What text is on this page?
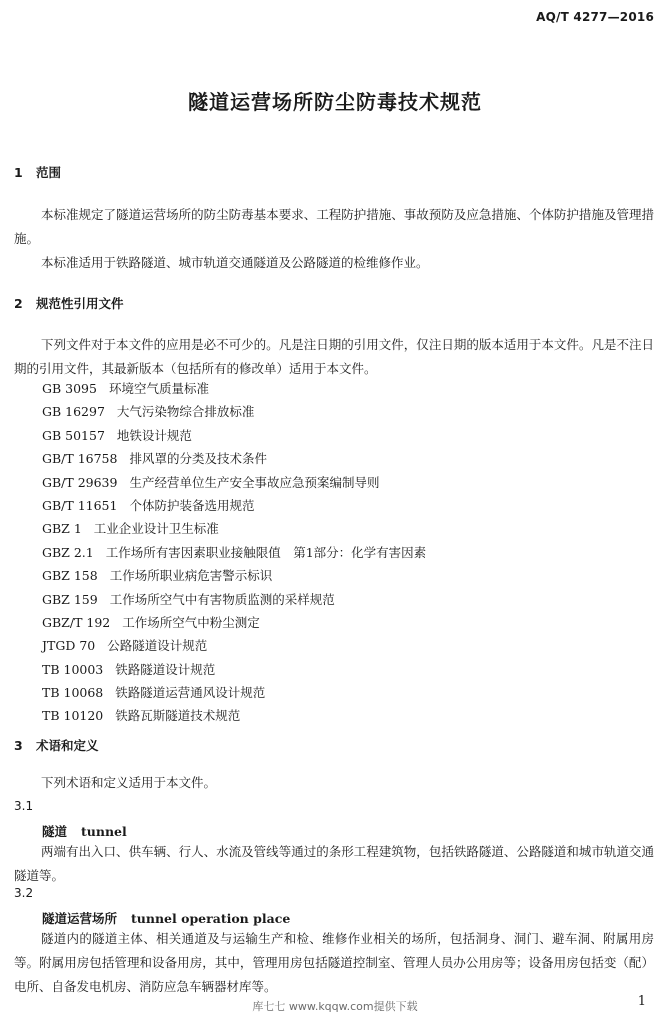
AQ/T 4277—2016
隧道运营场所防尘防毒技术规范
1 范围
本标准规定了隧道运营场所的防尘防毒基本要求、工程防护措施、事故预防及应急措施、个体防护措施及管理措施。
本标准适用于铁路隧道、城市轨道交通隧道及公路隧道的检维修作业。
2 规范性引用文件
下列文件对于本文件的应用是必不可少的。凡是注日期的引用文件，仅注日期的版本适用于本文件。凡是不注日期的引用文件，其最新版本（包括所有的修改单）适用于本文件。
GB 3095 环境空气质量标准
GB 16297 大气污染物综合排放标准
GB 50157 地铁设计规范
GB/T 16758 排风罩的分类及技术条件
GB/T 29639 生产经营单位生产安全事故应急预案编制导则
GB/T 11651 个体防护装备选用规范
GBZ 1 工业企业设计卫生标准
GBZ 2.1 工作场所有害因素职业接触限值　第1部分：化学有害因素
GBZ 158 工作场所职业病危害警示标识
GBZ 159 工作场所空气中有害物质监测的采样规范
GBZ/T 192 工作场所空气中粉尘测定
JTGD 70 公路隧道设计规范
TB 10003 铁路隧道设计规范
TB 10068 铁路隧道运营通风设计规范
TB 10120 铁路瓦斯隧道技术规范
3 术语和定义
下列术语和定义适用于本文件。
3.1
隧道 tunnel
两端有出入口、供车辆、行人、水流及管线等通过的条形工程建筑物，包括铁路隧道、公路隧道和城市轨道交通隧道等。
3.2
隧道运营场所 tunnel operation place
隧道内的隧道主体、相关通道及与运输生产和检、维修作业相关的场所，包括洞身、洞门、避车洞、附属用房等。附属用房包括管理和设备用房，其中，管理用房包括隧道控制室、管理人员办公用房等；设备用房包括变（配）电所、自备发电机房、消防应急车辆器材库等。
库七七 www.kqqw.com提供下载	1
